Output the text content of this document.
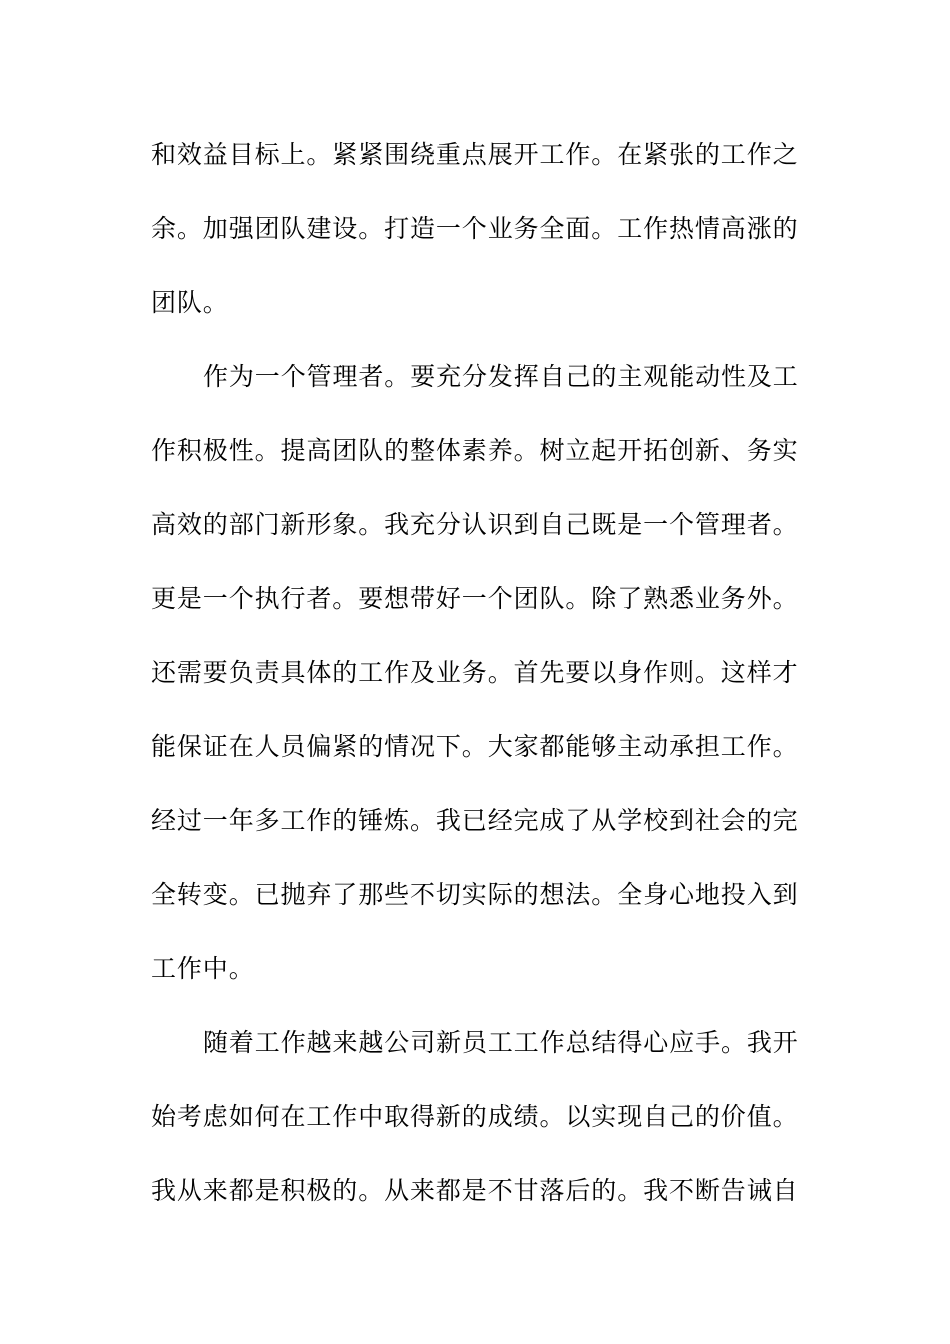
和效益目标上。紧紧围绕重点展开工作。在紧张的工作之
余。加强团队建设。打造一个业务全面。工作热情高涨的
团队。
作为一个管理者。要充分发挥自己的主观能动性及工
作积极性。提高团队的整体素养。树立起开拓创新、务实
高效的部门新形象。我充分认识到自己既是一个管理者。
更是一个执行者。要想带好一个团队。除了熟悉业务外。
还需要负责具体的工作及业务。首先要以身作则。这样才
能保证在人员偏紧的情况下。大家都能够主动承担工作。
经过一年多工作的锤炼。我已经完成了从学校到社会的完
全转变。已抛弃了那些不切实际的想法。全身心地投入到
工作中。
随着工作越来越公司新员工工作总结得心应手。我开
始考虑如何在工作中取得新的成绩。以实现自己的价值。
我从来都是积极的。从来都是不甘落后的。我不断告诫自
